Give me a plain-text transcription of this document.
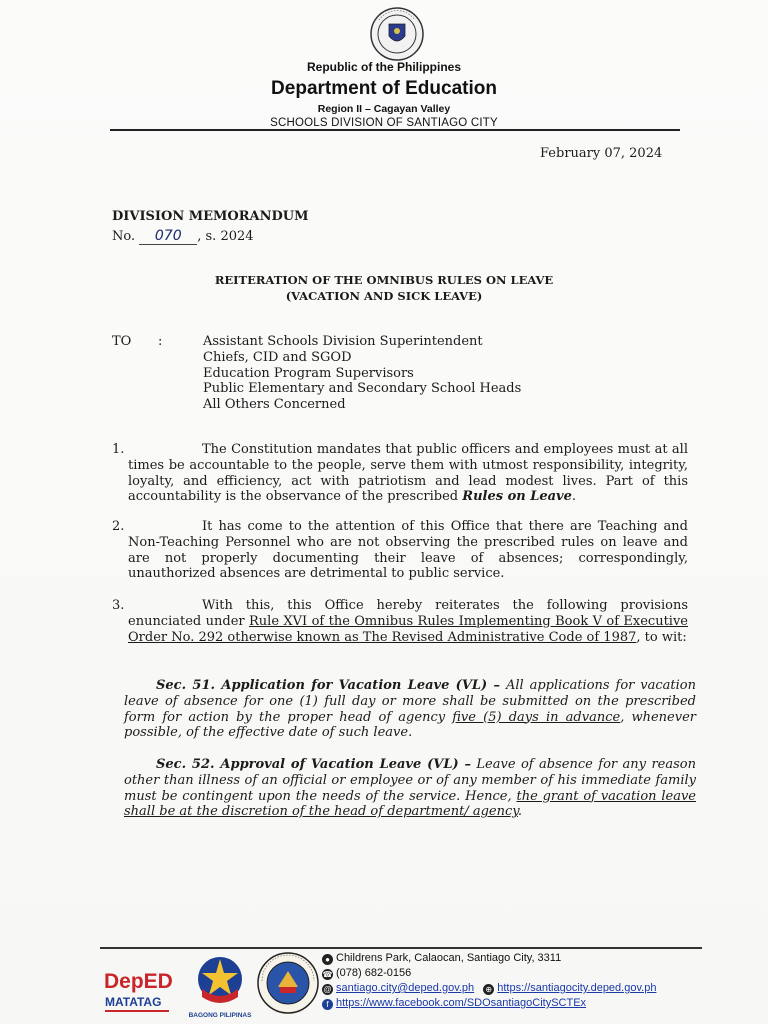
Republic of the Philippines
Department of Education
Region II – Cagayan Valley
SCHOOLS DIVISION OF SANTIAGO CITY
February 07, 2024
DIVISION MEMORANDUM
No. 070 , s. 2024
REITERATION OF THE OMNIBUS RULES ON LEAVE
(VACATION AND SICK LEAVE)
TO :	Assistant Schools Division Superintendent
Chiefs, CID and SGOD
Education Program Supervisors
Public Elementary and Secondary School Heads
All Others Concerned
1.	The Constitution mandates that public officers and employees must at all times be accountable to the people, serve them with utmost responsibility, integrity, loyalty, and efficiency, act with patriotism and lead modest lives. Part of this accountability is the observance of the prescribed Rules on Leave.
2.	It has come to the attention of this Office that there are Teaching and Non-Teaching Personnel who are not observing the prescribed rules on leave and are not properly documenting their leave of absences; correspondingly, unauthorized absences are detrimental to public service.
3.	With this, this Office hereby reiterates the following provisions enunciated under Rule XVI of the Omnibus Rules Implementing Book V of Executive Order No. 292 otherwise known as The Revised Administrative Code of 1987, to wit:
Sec. 51. Application for Vacation Leave (VL) – All applications for vacation leave of absence for one (1) full day or more shall be submitted on the prescribed form for action by the proper head of agency five (5) days in advance, whenever possible, of the effective date of such leave.
Sec. 52. Approval of Vacation Leave (VL) – Leave of absence for any reason other than illness of an official or employee or of any member of his immediate family must be contingent upon the needs of the service. Hence, the grant of vacation leave shall be at the discretion of the head of department/ agency.
DepED
MATATAG
BAGONG PILIPINAS
● Childrens Park, Calaocan, Santiago City, 3311
☎ (078) 682-0156
@ santiago.city@deped.gov.ph ⊕ https://santiagocity.deped.gov.ph
f https://www.facebook.com/SDOsantiagoCitySCTEx
